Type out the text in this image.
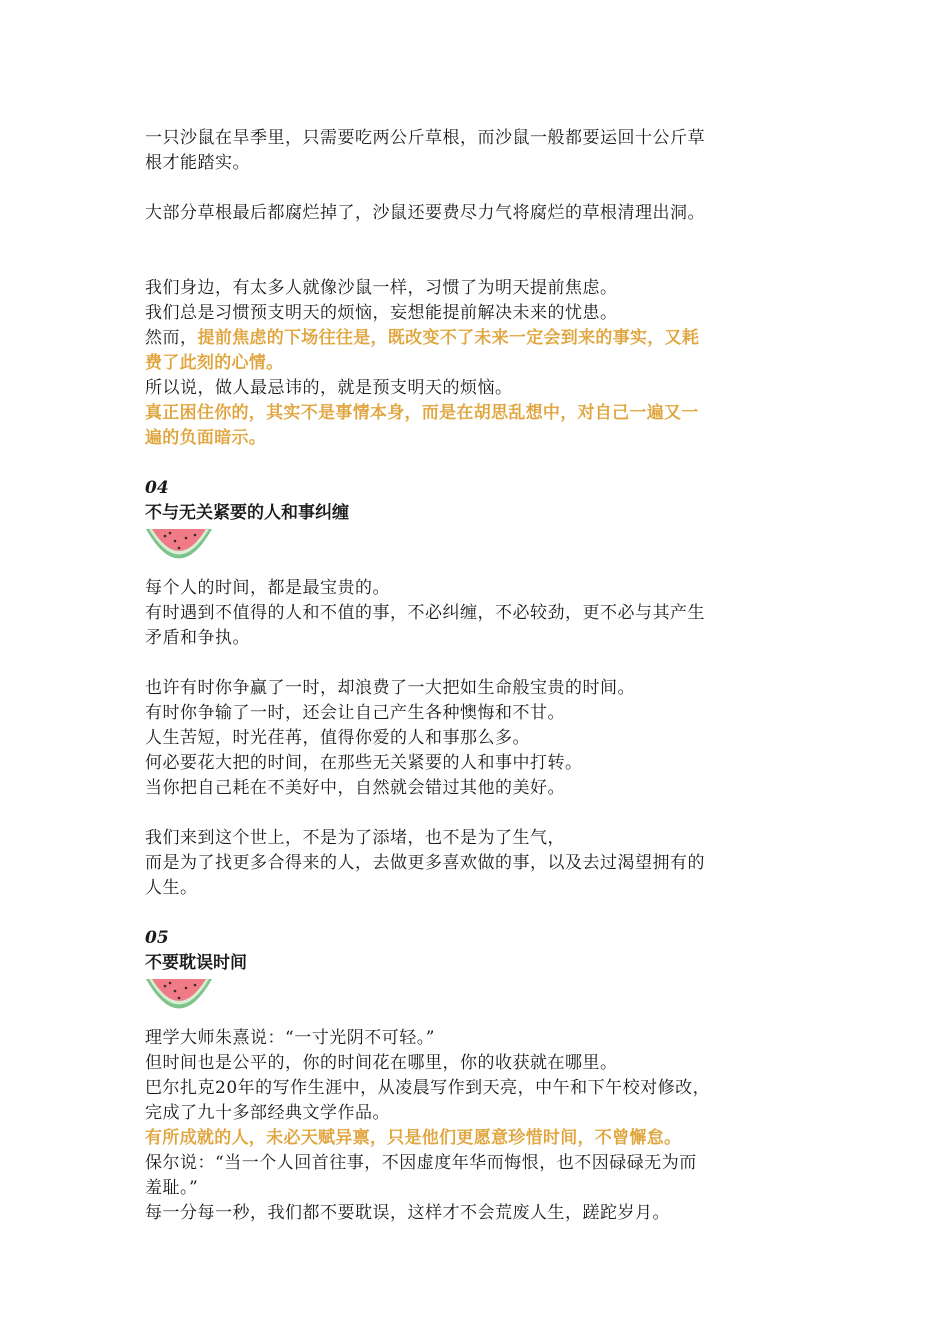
一只沙鼠在旱季里，只需要吃两公斤草根，而沙鼠一般都要运回十公斤草
根才能踏实。
大部分草根最后都腐烂掉了，沙鼠还要费尽力气将腐烂的草根清理出洞。
我们身边，有太多人就像沙鼠一样，习惯了为明天提前焦虑。
我们总是习惯预支明天的烦恼，妄想能提前解决未来的忧患。
然而，提前焦虑的下场往往是，既改变不了未来一定会到来的事实，又耗
费了此刻的心情。
所以说，做人最忌讳的，就是预支明天的烦恼。
真正困住你的，其实不是事情本身，而是在胡思乱想中，对自己一遍又一
遍的负面暗示。
04
不与无关紧要的人和事纠缠
每个人的时间，都是最宝贵的。
有时遇到不值得的人和不值的事，不必纠缠，不必较劲，更不必与其产生
矛盾和争执。
也许有时你争赢了一时，却浪费了一大把如生命般宝贵的时间。
有时你争输了一时，还会让自己产生各种懊悔和不甘。
人生苦短，时光荏苒，值得你爱的人和事那么多。
何必要花大把的时间，在那些无关紧要的人和事中打转。
当你把自己耗在不美好中，自然就会错过其他的美好。
我们来到这个世上，不是为了添堵，也不是为了生气，
而是为了找更多合得来的人，去做更多喜欢做的事，以及去过渴望拥有的
人生。
05
不要耽误时间
理学大师朱熹说：“一寸光阴不可轻。”
但时间也是公平的，你的时间花在哪里，你的收获就在哪里。
巴尔扎克20年的写作生涯中，从凌晨写作到天亮，中午和下午校对修改，
完成了九十多部经典文学作品。
有所成就的人，未必天赋异禀，只是他们更愿意珍惜时间，不曾懈怠。
保尔说：“当一个人回首往事，不因虚度年华而悔恨，也不因碌碌无为而
羞耻。”
每一分每一秒，我们都不要耽误，这样才不会荒废人生，蹉跎岁月。
